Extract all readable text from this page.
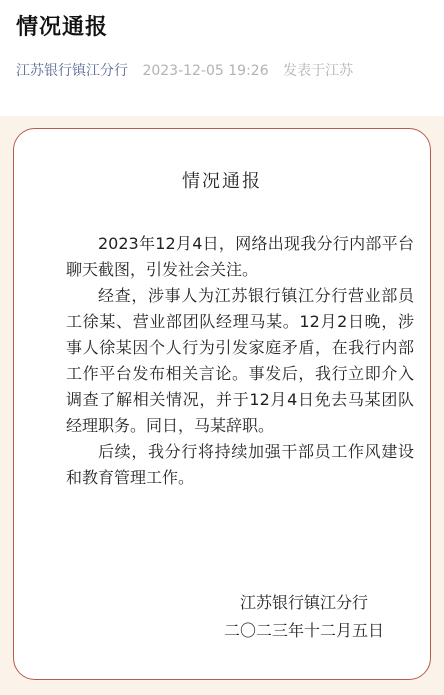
情况通报
江苏银行镇江分行 2023-12-05 19:26 发表于江苏
情况通报

2023年12月4日，网络出现我分行内部平台聊天截图，引发社会关注。

经查，涉事人为江苏银行镇江分行营业部员工徐某、营业部团队经理马某。12月2日晚，涉事人徐某因个人行为引发家庭矛盾，在我行内部工作平台发布相关言论。事发后，我行立即介入调查了解相关情况，并于12月4日免去马某团队经理职务。同日，马某辞职。

后续，我分行将持续加强干部员工作风建设和教育管理工作。

江苏银行镇江分行
二〇二三年十二月五日
